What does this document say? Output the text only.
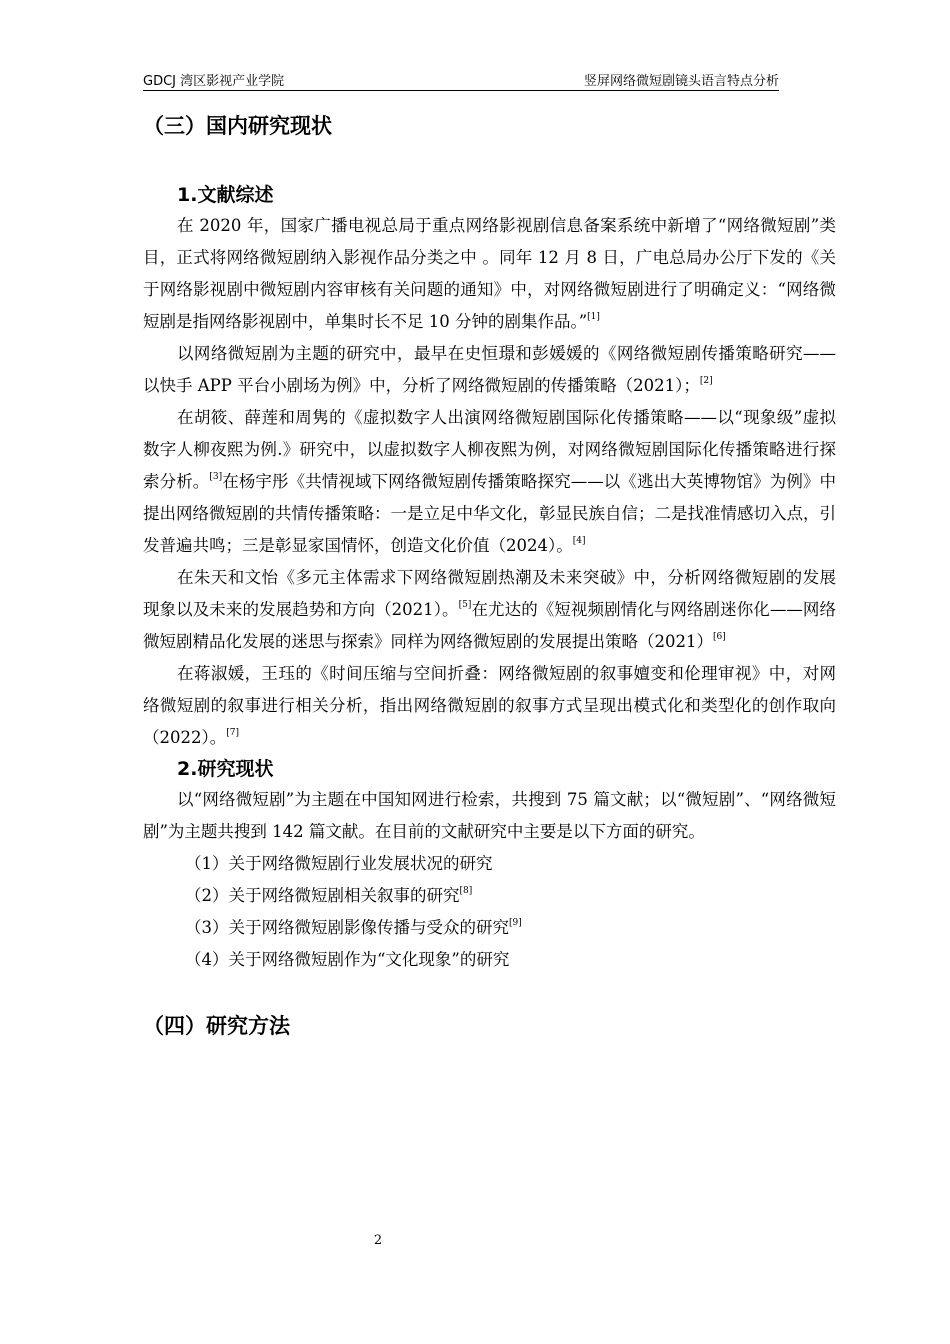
GDCJ 湾区影视产业学院	竖屏网络微短剧镜头语言特点分析
（三）国内研究现状
1.文献综述

在 2020 年，国家广播电视总局于重点网络影视剧信息备案系统中新增了“网络微短剧”类目，正式将网络微短剧纳入影视作品分类之中 。同年 12 月 8 日，广电总局办公厅下发的《关于网络影视剧中微短剧内容审核有关问题的通知》中，对网络微短剧进行了明确定义：“网络微短剧是指网络影视剧中，单集时长不足 10 分钟的剧集作品。”[1]

以网络微短剧为主题的研究中，最早在史恒璟和彭媛媛的《网络微短剧传播策略研究——以快手 APP 平台小剧场为例》中，分析了网络微短剧的传播策略（2021）；[2]

在胡筱、薛莲和周隽的《虚拟数字人出演网络微短剧国际化传播策略——以“现象级”虚拟数字人柳夜熙为例.》研究中，以虚拟数字人柳夜熙为例，对网络微短剧国际化传播策略进行探索分析。[3]在杨宇彤《共情视域下网络微短剧传播策略探究——以《逃出大英博物馆》为例》中提出网络微短剧的共情传播策略：一是立足中华文化，彰显民族自信；二是找准情感切入点，引发普遍共鸣；三是彰显家国情怀，创造文化价值（2024）。[4]

在朱天和文怡《多元主体需求下网络微短剧热潮及未来突破》中，分析网络微短剧的发展现象以及未来的发展趋势和方向（2021）。[5]在尤达的《短视频剧情化与网络剧迷你化——网络微短剧精品化发展的迷思与探索》同样为网络微短剧的发展提出策略（2021）[6]

在蒋淑媛，王珏的《时间压缩与空间折叠：网络微短剧的叙事嬗变和伦理审视》中，对网络微短剧的叙事进行相关分析，指出网络微短剧的叙事方式呈现出模式化和类型化的创作取向（2022）。[7]

2.研究现状

以“网络微短剧”为主题在中国知网进行检索，共搜到 75 篇文献；以“微短剧”、“网络微短剧”为主题共搜到 142 篇文献。在目前的文献研究中主要是以下方面的研究。

（1）关于网络微短剧行业发展状况的研究

（2）关于网络微短剧相关叙事的研究[8]

（3）关于网络微短剧影像传播与受众的研究[9]

（4）关于网络微短剧作为“文化现象”的研究

（四）研究方法
2
